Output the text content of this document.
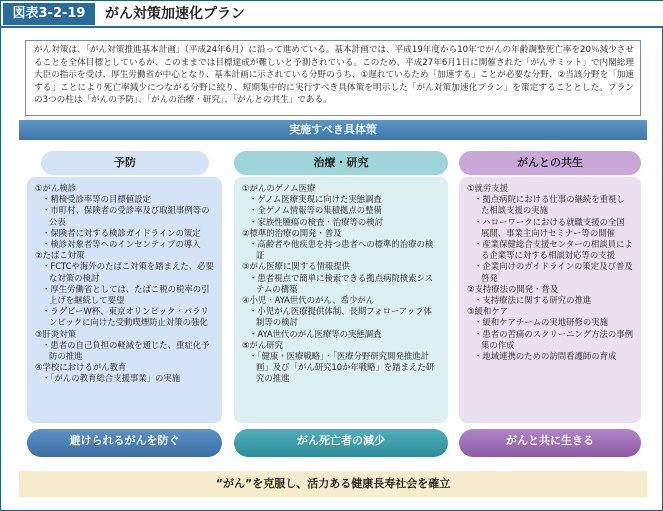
図表3-2-19	がん対策加速化プラン
がん対策は、「がん対策推進基本計画」（平成24年6月）に沿って進めている。基本計画では、平成19年度から10年でがんの年齢調整死亡率を20％減少させることを全体目標としているが、このままでは目標達成が難しいと予測されている。このため、平成27年6月1日に開催された「がんサミット」で内閣総理大臣の指示を受け、厚生労働省が中心となり、基本計画に示されている分野のうち、①遅れているため「加速する」ことが必要な分野、②当該分野を「加速する」ことにより死亡率減少につながる分野に絞り、短期集中的に実行すべき具体策を明示した「がん対策加速化プラン」を策定することとした。プランの3つの柱は「がんの予防」、「がんの治療・研究」、「がんとの共生」である。
実施すべき具体策
予防	治療・研究	がんとの共生
①がん検診
・精検受診率等の目標値設定
・市町村、保険者の受診率及び取組事例等の公表
・保険者に対する検診ガイドラインの策定
・検診対象者等へのインセンティブの導入
②たばこ対策
・FCTCや海外のたばこ対策を踏まえた、必要な対策の検討
・厚生労働省としては、たばこ税の税率の引上げを継続して要望
・ラグビーW杯、東京オリンピック・パラリンピックに向けた受動喫煙防止対策の強化
③肝炎対策
・患者の自己負担の軽減を通じた、重症化予防の推進
④学校におけるがん教育
・「がんの教育総合支援事業」の実施
①がんのゲノム医療
・ゲノム医療実現に向けた実態調査
・全ゲノム情報等の集積拠点の整備
・家族性腫瘍の検査・治療等の検討
②標準的治療の開発・普及
・高齢者や他疾患を持つ患者への標準的治療の検証
③がん医療に関する情報提供
・患者視点で簡単に検索できる拠点病院検索システムの構築
④小児・AYA世代のがん、希少がん
・小児がん医療提供体制、長期フォローアップ体制等の検討
・AYA世代のがん医療等の実態調査
⑤がん研究
・「健康・医療戦略」・「医療分野研究開発推進計画」及び「がん研究10か年戦略」を踏まえた研究の推進
①就労支援
・拠点病院における仕事の継続を重視した相談支援の実施
・ハローワークにおける就職支援の全国展開、事業主向けセミナー等の開催
・産業保健総合支援センターの相談員による企業等に対する相談対応等の支援
・企業向けのガイドラインの策定及び普及啓発
②支持療法の開発・普及
・支持療法に関する研究の推進
③緩和ケア
・緩和ケアチームの実地研修の実施
・患者の苦痛のスクリーニング方法の事例集の作成
・地域連携のための訪問看護師の育成
避けられるがんを防ぐ	がん死亡者の減少	がんと共に生きる
“がん”を克服し、活力ある健康長寿社会を確立
